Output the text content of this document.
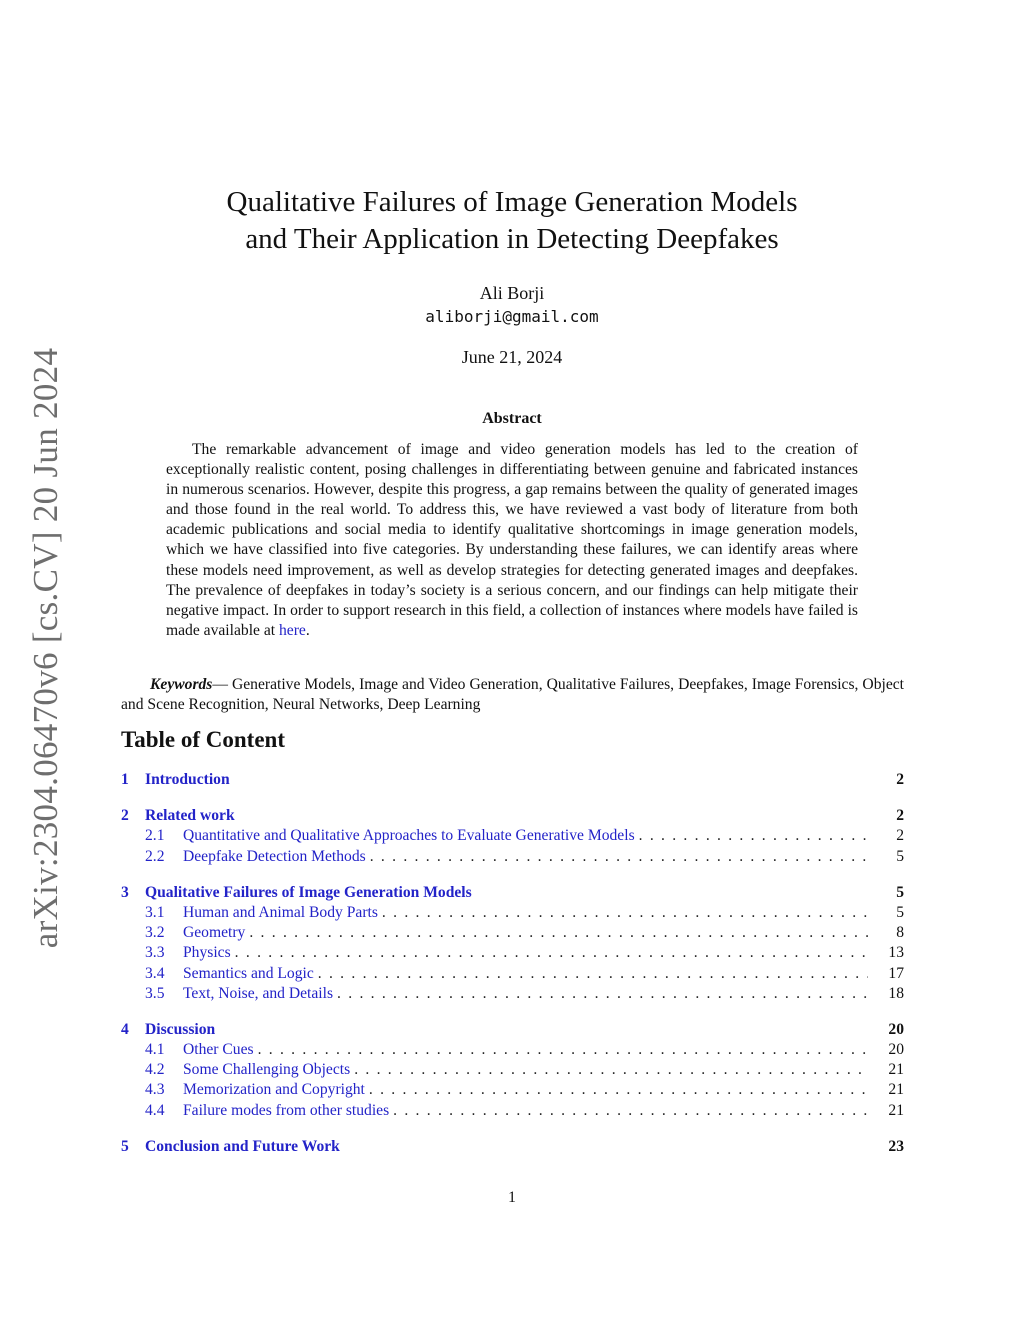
arXiv:2304.06470v6 [cs.CV] 20 Jun 2024
Qualitative Failures of Image Generation Models
and Their Application in Detecting Deepfakes
Ali Borji
aliborji@gmail.com
June 21, 2024
Abstract

The remarkable advancement of image and video generation models has led to the creation of exceptionally realistic content, posing challenges in differentiating between genuine and fabricated instances in numerous scenarios. However, despite this progress, a gap remains between the quality of generated images and those found in the real world. To address this, we have reviewed a vast body of literature from both academic publications and social media to identify qualitative shortcomings in image generation models, which we have classified into five categories. By understanding these failures, we can identify areas where these models need improvement, as well as develop strategies for detecting generated images and deepfakes. The prevalence of deepfakes in today’s society is a serious concern, and our findings can help mitigate their negative impact. In order to support research in this field, a collection of instances where models have failed is made available at here.

Keywords— Generative Models, Image and Video Generation, Qualitative Failures, Deepfakes, Image Forensics, Object and Scene Recognition, Neural Networks, Deep Learning

Table of Content
1	Introduction	2
2	Related work	2
2.1	Quantitative and Qualitative Approaches to Evaluate Generative Models . . .	2
2.2	Deepfake Detection Methods . . .	5
3	Qualitative Failures of Image Generation Models	5
3.1	Human and Animal Body Parts . . .	5
3.2	Geometry . . .	8
3.3	Physics . . .	13
3.4	Semantics and Logic . . .	17
3.5	Text, Noise, and Details . . .	18
4	Discussion	20
4.1	Other Cues . . .	20
4.2	Some Challenging Objects . . .	21
4.3	Memorization and Copyright . . .	21
4.4	Failure modes from other studies . . .	21
5	Conclusion and Future Work	23
1
